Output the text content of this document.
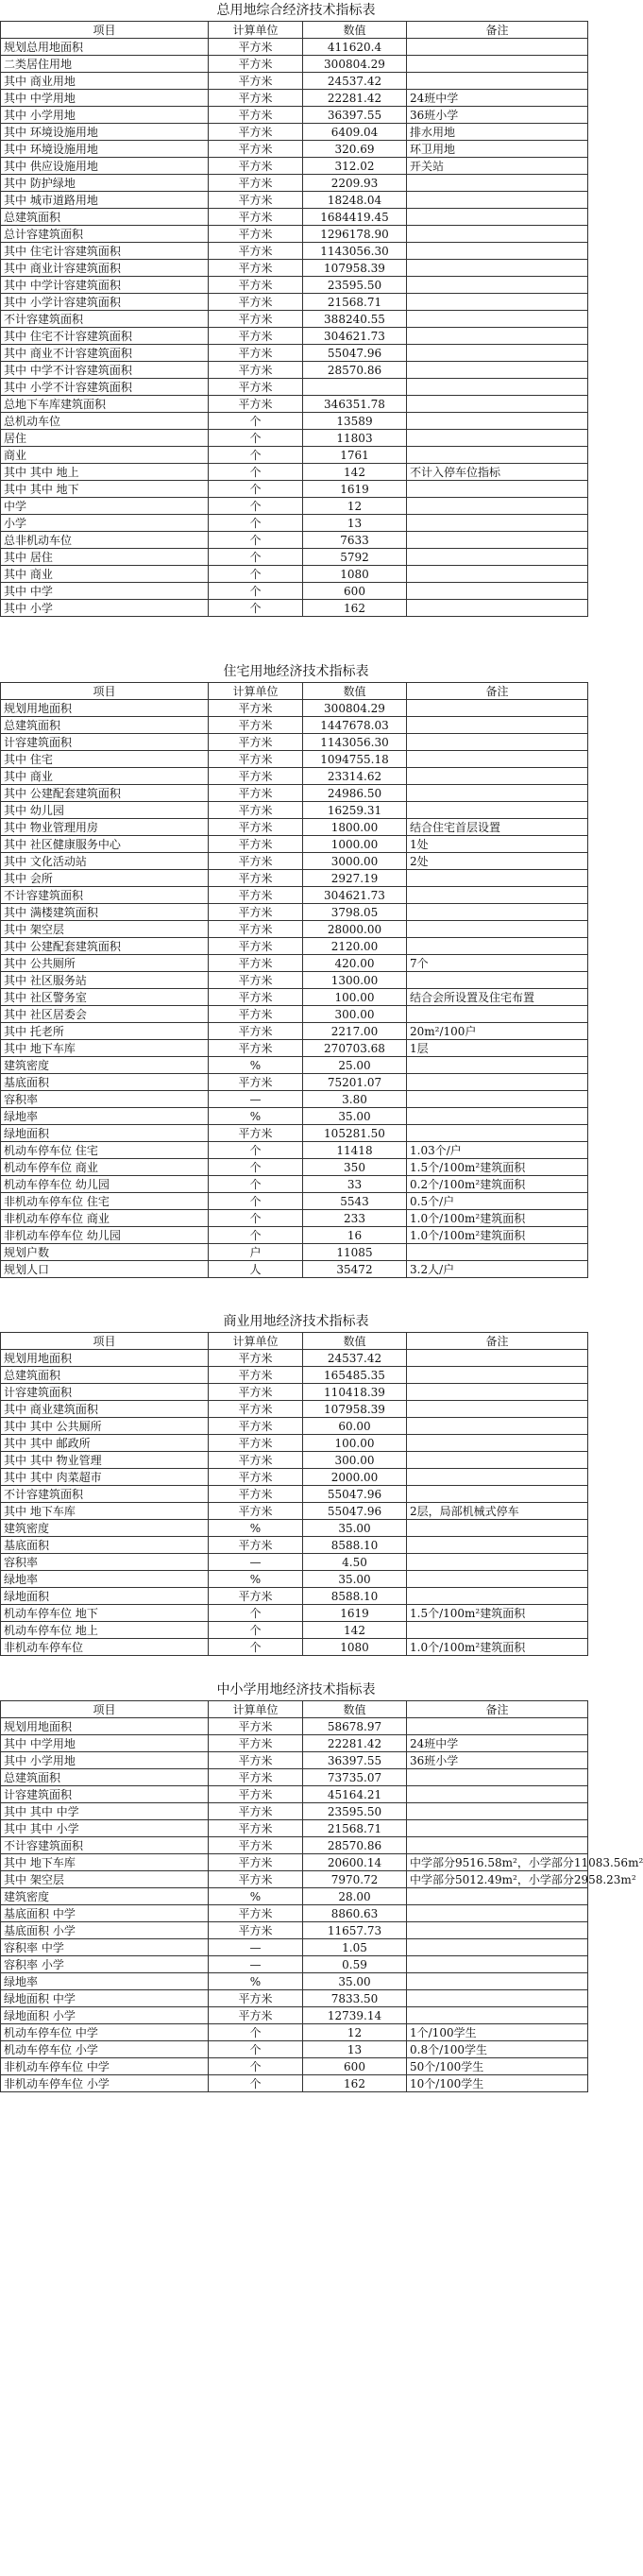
总用地综合经济技术指标表
项目	计算单位	数值	备注
规划总用地面积	平方米	411620.4	
二类居住用地	平方米	300804.29	
其中 商业用地	平方米	24537.42	
其中 中学用地	平方米	22281.42	24班中学
其中 小学用地	平方米	36397.55	36班小学
其中 环境设施用地	平方米	6409.04	排水用地
其中 环境设施用地	平方米	320.69	环卫用地
其中 供应设施用地	平方米	312.02	开关站
其中 防护绿地	平方米	2209.93	
其中 城市道路用地	平方米	18248.04	
总建筑面积	平方米	1684419.45	
总计容建筑面积	平方米	1296178.90	
其中 住宅计容建筑面积	平方米	1143056.30	
其中 商业计容建筑面积	平方米	107958.39	
其中 中学计容建筑面积	平方米	23595.50	
其中 小学计容建筑面积	平方米	21568.71	
不计容建筑面积	平方米	388240.55	
其中 住宅不计容建筑面积	平方米	304621.73	
其中 商业不计容建筑面积	平方米	55047.96	
其中 中学不计容建筑面积	平方米	28570.86	
其中 小学不计容建筑面积	平方米		
总地下车库建筑面积	平方米	346351.78	
总机动车位	个	13589	
居住	个	11803	
商业	个	1761	
其中 其中 地上	个	142	不计入停车位指标
其中 其中 地下	个	1619	
中学	个	12	
小学	个	13	
总非机动车位	个	7633	
其中 居住	个	5792	
其中 商业	个	1080	
其中 中学	个	600	
其中 小学	个	162	
住宅用地经济技术指标表
项目	计算单位	数值	备注
规划用地面积	平方米	300804.29	
总建筑面积	平方米	1447678.03	
计容建筑面积	平方米	1143056.30	
其中 住宅	平方米	1094755.18	
其中 商业	平方米	23314.62	
其中 公建配套建筑面积	平方米	24986.50	
其中 幼儿园	平方米	16259.31	
其中 物业管理用房	平方米	1800.00	结合住宅首层设置
其中 社区健康服务中心	平方米	1000.00	1处
其中 文化活动站	平方米	3000.00	2处
其中 会所	平方米	2927.19	
不计容建筑面积	平方米	304621.73	
其中 满楼建筑面积	平方米	3798.05	
其中 架空层	平方米	28000.00	
其中 公建配套建筑面积	平方米	2120.00	
其中 公共厕所	平方米	420.00	7个
其中 社区服务站	平方米	1300.00	
其中 社区警务室	平方米	100.00	结合会所设置及住宅布置
其中 社区居委会	平方米	300.00	
其中 托老所	平方米	2217.00	20m²/100户
其中 地下车库	平方米	270703.68	1层
建筑密度	%	25.00	
基底面积	平方米	75201.07	
容积率	—	3.80	
绿地率	%	35.00	
绿地面积	平方米	105281.50	
机动车停车位 住宅	个	11418	1.03个/户
机动车停车位 商业	个	350	1.5个/100m²建筑面积
机动车停车位 幼儿园	个	33	0.2个/100m²建筑面积
非机动车停车位 住宅	个	5543	0.5个/户
非机动车停车位 商业	个	233	1.0个/100m²建筑面积
非机动车停车位 幼儿园	个	16	1.0个/100m²建筑面积
规划户数	户	11085	
规划人口	人	35472	3.2人/户
商业用地经济技术指标表
项目	计算单位	数值	备注
规划用地面积	平方米	24537.42	
总建筑面积	平方米	165485.35	
计容建筑面积	平方米	110418.39	
其中 商业建筑面积	平方米	107958.39	
其中 其中 公共厕所	平方米	60.00	
其中 其中 邮政所	平方米	100.00	
其中 其中 物业管理	平方米	300.00	
其中 其中 肉菜超市	平方米	2000.00	
不计容建筑面积	平方米	55047.96	
其中 地下车库	平方米	55047.96	2层，局部机械式停车
建筑密度	%	35.00	
基底面积	平方米	8588.10	
容积率	—	4.50	
绿地率	%	35.00	
绿地面积	平方米	8588.10	
机动车停车位 地下	个	1619	1.5个/100m²建筑面积
机动车停车位 地上	个	142	
非机动车停车位	个	1080	1.0个/100m²建筑面积
中小学用地经济技术指标表
项目	计算单位	数值	备注
规划用地面积	平方米	58678.97	
其中 中学用地	平方米	22281.42	24班中学
其中 小学用地	平方米	36397.55	36班小学
总建筑面积	平方米	73735.07	
计容建筑面积	平方米	45164.21	
其中 其中 中学	平方米	23595.50	
其中 其中 小学	平方米	21568.71	
不计容建筑面积	平方米	28570.86	
其中 地下车库	平方米	20600.14	中学部分9516.58m²，小学部分11083.56m²
其中 架空层	平方米	7970.72	中学部分5012.49m²，小学部分2958.23m²
建筑密度	%	28.00	
基底面积 中学	平方米	8860.63	
基底面积 小学	平方米	11657.73	
容积率 中学	—	1.05	
容积率 小学	—	0.59	
绿地率	%	35.00	
绿地面积 中学	平方米	7833.50	
绿地面积 小学	平方米	12739.14	
机动车停车位 中学	个	12	1个/100学生
机动车停车位 小学	个	13	0.8个/100学生
非机动车停车位 中学	个	600	50个/100学生
非机动车停车位 小学	个	162	10个/100学生
